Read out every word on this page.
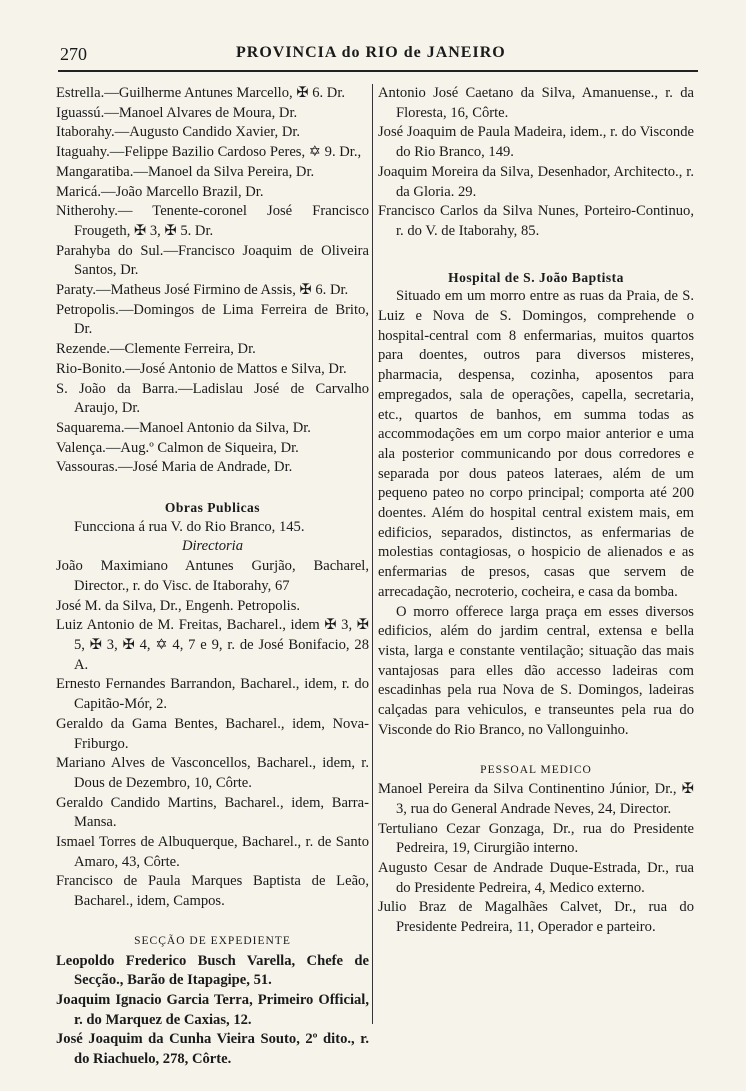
270	PROVINCIA do RIO de JANEIRO

Estrella.—Guilherme Antunes Marcello, ✠ 6. Dr.

Iguassú.—Manoel Alvares de Moura, Dr.

Itaborahy.—Augusto Candido Xavier, Dr.

Itaguahy.—Felippe Bazilio Cardoso Peres, ✡ 9. Dr.,

Mangaratiba.—Manoel da Silva Pereira, Dr.

Maricá.—João Marcello Brazil, Dr.

Nitherohy.— Tenente-coronel José Francisco Frougeth, ✠ 3, ✠ 5. Dr.

Parahyba do Sul.—Francisco Joaquim de Oliveira Santos, Dr.

Paraty.—Matheus José Firmino de Assis, ✠ 6. Dr.

Petropolis.—Domingos de Lima Ferreira de Brito, Dr.

Rezende.—Clemente Ferreira, Dr.

Rio-Bonito.—José Antonio de Mattos e Silva, Dr.

S. João da Barra.—Ladislau José de Carvalho Araujo, Dr.

Saquarema.—Manoel Antonio da Silva, Dr.

Valença.—Aug.º Calmon de Siqueira, Dr.

Vassouras.—José Maria de Andrade, Dr.

Obras Publicas

Funcciona á rua V. do Rio Branco, 145.

Directoria

João Maximiano Antunes Gurjão, Bacharel, Director., r. do Visc. de Itaborahy, 67

José M. da Silva, Dr., Engenh. Petropolis.

Luiz Antonio de M. Freitas, Bacharel., idem ✠ 3, ✠ 5, ✠ 3, ✠ 4, ✡ 4, 7 e 9, r. de José Bonifacio, 28 A.

Ernesto Fernandes Barrandon, Bacharel., idem, r. do Capitão-Mór, 2.

Geraldo da Gama Bentes, Bacharel., idem, Nova-Friburgo.

Mariano Alves de Vasconcellos, Bacharel., idem, r. Dous de Dezembro, 10, Côrte.

Geraldo Candido Martins, Bacharel., idem, Barra-Mansa.

Ismael Torres de Albuquerque, Bacharel., r. de Santo Amaro, 43, Côrte.

Francisco de Paula Marques Baptista de Leão, Bacharel., idem, Campos.

SECÇÃO DE EXPEDIENTE

Leopoldo Frederico Busch Varella, Chefe de Secção., Barão de Itapagipe, 51.

Joaquim Ignacio Garcia Terra, Primeiro Official, r. do Marquez de Caxias, 12.

José Joaquim da Cunha Vieira Souto, 2º dito., r. do Riachuelo, 278, Côrte.

Antonio José Caetano da Silva, Amanuense., r. da Floresta, 16, Côrte.

José Joaquim de Paula Madeira, idem., r. do Visconde do Rio Branco, 149.

Joaquim Moreira da Silva, Desenhador, Architecto., r. da Gloria. 29.

Francisco Carlos da Silva Nunes, Porteiro-Continuo, r. do V. de Itaborahy, 85.

Hospital de S. João Baptista

Situado em um morro entre as ruas da Praia, de S. Luiz e Nova de S. Domingos, comprehende o hospital-central com 8 enfermarias, muitos quartos para doentes, outros para diversos misteres, pharmacia, despensa, cozinha, aposentos para empregados, sala de operações, capella, secretaria, etc., quartos de banhos, em summa todas as accommodações em um corpo maior anterior e uma ala posterior communicando por dous corredores e separada por dous pateos lateraes, além de um pequeno pateo no corpo principal; comporta até 200 doentes. Além do hospital central existem mais, em edificios, separados, distinctos, as enfermarias de molestias contagiosas, o hospicio de alienados e as enfermarias de presos, casas que servem de arrecadação, necroterio, cocheira, e casa da bomba.

O morro offerece larga praça em esses diversos edificios, além do jardim central, extensa e bella vista, larga e constante ventilação; situação das mais vantajosas para elles dão accesso ladeiras com escadinhas pela rua Nova de S. Domingos, ladeiras calçadas para vehiculos, e transeuntes pela rua do Visconde do Rio Branco, no Vallonguinho.

PESSOAL MEDICO

Manoel Pereira da Silva Continentino Júnior, Dr., ✠ 3, rua do General Andrade Neves, 24, Director.

Tertuliano Cezar Gonzaga, Dr., rua do Presidente Pedreira, 19, Cirurgião interno.

Augusto Cesar de Andrade Duque-Estrada, Dr., rua do Presidente Pedreira, 4, Medico externo.

Julio Braz de Magalhães Calvet, Dr., rua do Presidente Pedreira, 11, Operador e parteiro.
